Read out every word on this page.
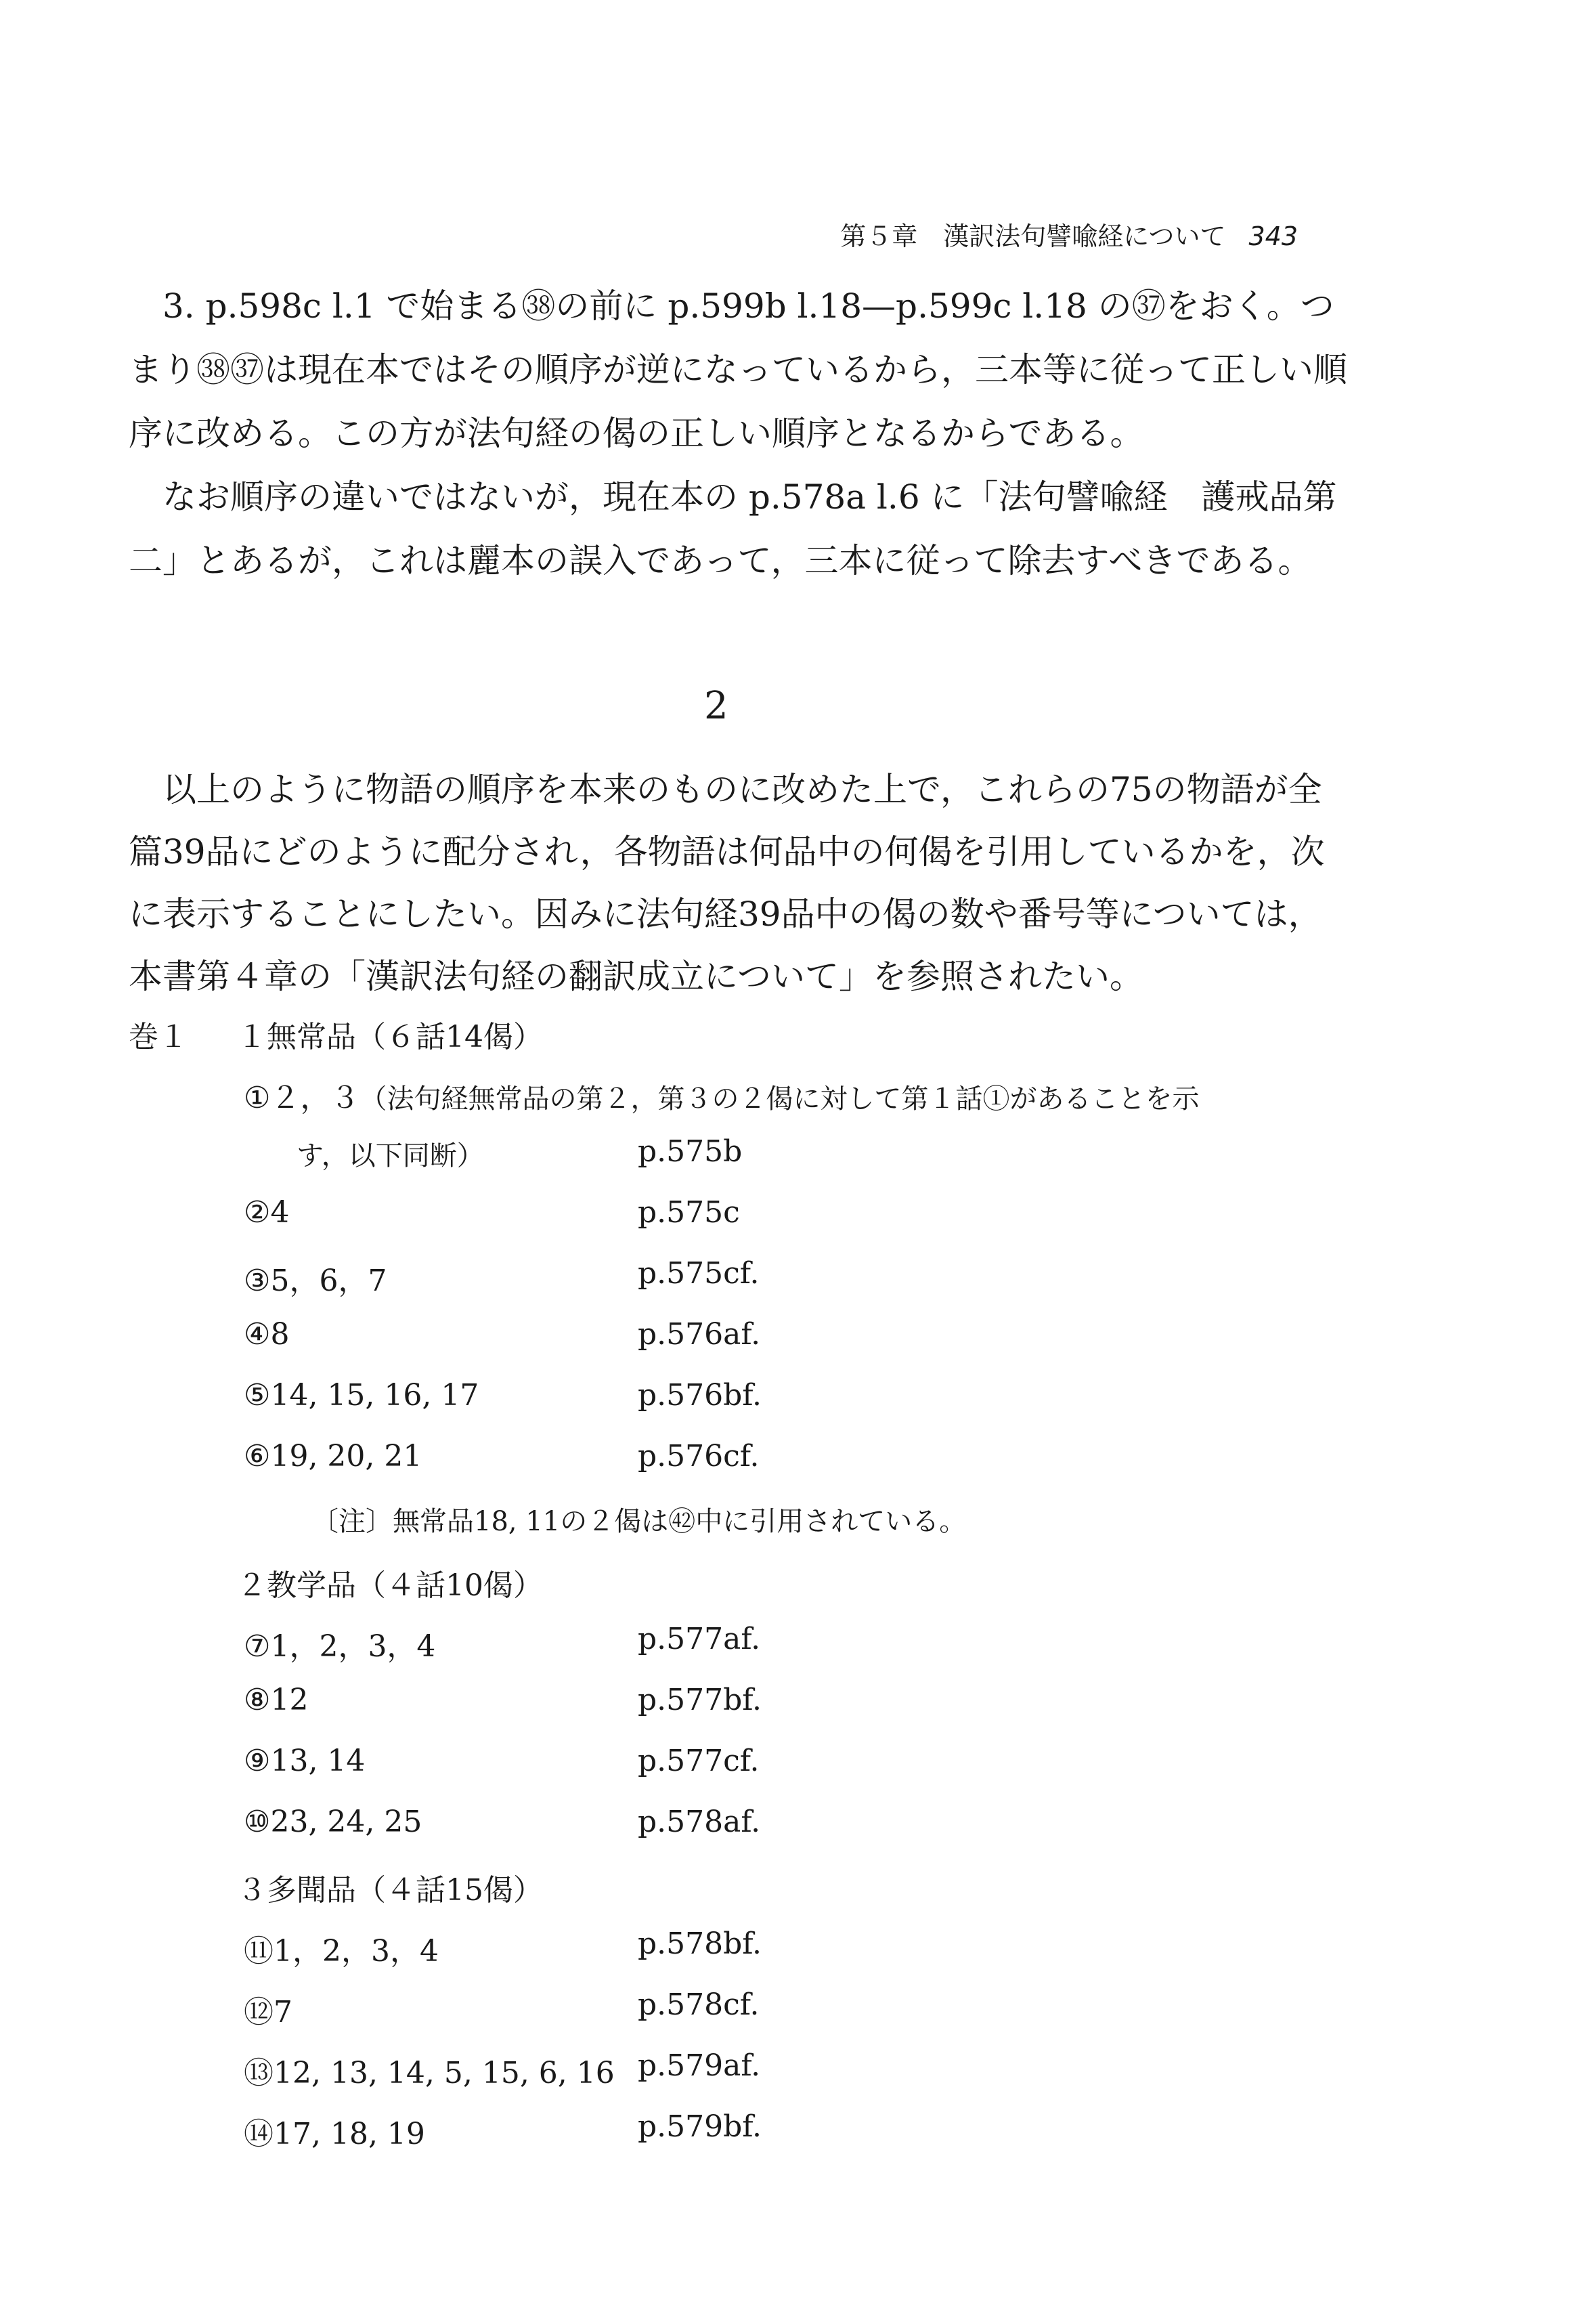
第５章　漢訳法句譬喩経について 343

3. p.598c l.1 で始まる㊳の前に p.599b l.18—p.599c l.18 の㊲をおく。つまり㊳㊲は現在本ではその順序が逆になっているから，三本等に従って正しい順序に改める。この方が法句経の偈の正しい順序となるからである。

なお順序の違いではないが，現在本の p.578a l.6 に「法句譬喩経　護戒品第二」とあるが，これは麗本の誤入であって，三本に従って除去すべきである。

2

以上のように物語の順序を本来のものに改めた上で，これらの75の物語が全篇39品にどのように配分され，各物語は何品中の何偈を引用しているかを，次に表示することにしたい。因みに法句経39品中の偈の数や番号等については，本書第４章の「漢訳法句経の翻訳成立について」を参照されたい。

巻１ １無常品（６話14偈）
①２，３（法句経無常品の第２，第３の２偈に対して第１話①があることを示
す，以下同断）	p.575b
②4	p.575c
③5，6，7	p.575cf.
④8	p.576af.
⑤14, 15, 16, 17	p.576bf.
⑥19, 20, 21	p.576cf.
〔注〕無常品18, 11の２偈は㊷中に引用されている。
２教学品（４話10偈）
⑦1，2，3，4	p.577af.
⑧12	p.577bf.
⑨13, 14	p.577cf.
⑩23, 24, 25	p.578af.
３多聞品（４話15偈）
⑪1，2，3，4	p.578bf.
⑫7	p.578cf.
⑬12, 13, 14, 5, 15, 6, 16 p.579af.
⑭17, 18, 19	p.579bf.
